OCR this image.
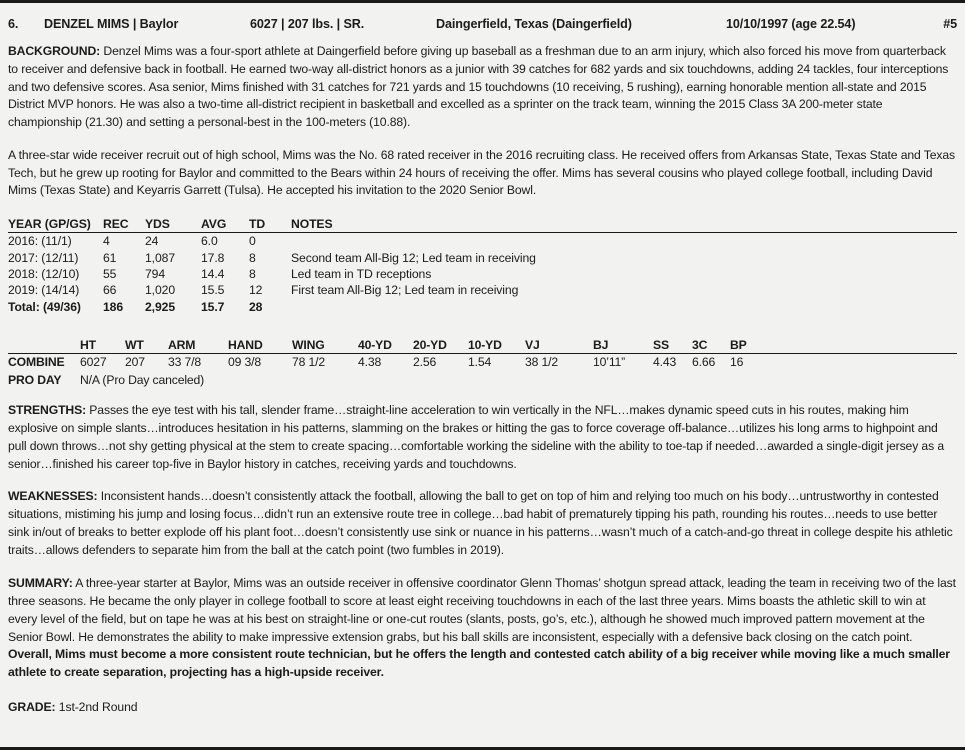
6.	DENZEL MIMS | Baylor	6027 | 207 lbs. | SR.	Daingerfield, Texas (Daingerfield)	10/10/1997 (age 22.54)	#5

BACKGROUND: Denzel Mims was a four-sport athlete at Daingerfield before giving up baseball as a freshman due to an arm injury, which also forced his move from quarterback to receiver and defensive back in football. He earned two-way all-district honors as a junior with 39 catches for 682 yards and six touchdowns, adding 24 tackles, four interceptions and two defensive scores. Asa senior, Mims finished with 31 catches for 721 yards and 15 touchdowns (10 receiving, 5 rushing), earning honorable mention all-state and 2015 District MVP honors. He was also a two-time all-district recipient in basketball and excelled as a sprinter on the track team, winning the 2015 Class 3A 200-meter state championship (21.30) and setting a personal-best in the 100-meters (10.88).

A three-star wide receiver recruit out of high school, Mims was the No. 68 rated receiver in the 2016 recruiting class. He received offers from Arkansas State, Texas State and Texas Tech, but he grew up rooting for Baylor and committed to the Bears within 24 hours of receiving the offer. Mims has several cousins who played college football, including David Mims (Texas State) and Keyarris Garrett (Tulsa). He accepted his invitation to the 2020 Senior Bowl.

YEAR (GP/GS)	REC	YDS	AVG	TD	NOTES
2016: (11/1)	4	24	6.0	0	
2017: (12/11)	61	1,087	17.8	8	Second team All-Big 12; Led team in receiving
2018: (12/10)	55	794	14.4	8	Led team in TD receptions
2019: (14/14)	66	1,020	15.5	12	First team All-Big 12; Led team in receiving
Total: (49/36)	186	2,925	15.7	28	
	HT	WT	ARM	HAND	WING	40-YD	20-YD	10-YD	VJ	BJ	SS	3C	BP
COMBINE	6027	207	33 7/8	09 3/8	78 1/2	4.38	2.56	1.54	38 1/2	10’11”	4.43	6.66	16
PRO DAY	N/A (Pro Day canceled)												

STRENGTHS: Passes the eye test with his tall, slender frame…straight-line acceleration to win vertically in the NFL…makes dynamic speed cuts in his routes, making him explosive on simple slants…introduces hesitation in his patterns, slamming on the brakes or hitting the gas to force coverage off-balance…utilizes his long arms to highpoint and pull down throws…not shy getting physical at the stem to create spacing…comfortable working the sideline with the ability to toe-tap if needed…awarded a single-digit jersey as a senior…finished his career top-five in Baylor history in catches, receiving yards and touchdowns.

WEAKNESSES: Inconsistent hands…doesn’t consistently attack the football, allowing the ball to get on top of him and relying too much on his body…untrustworthy in contested situations, mistiming his jump and losing focus…didn’t run an extensive route tree in college…bad habit of prematurely tipping his path, rounding his routes…needs to use better sink in/out of breaks to better explode off his plant foot…doesn’t consistently use sink or nuance in his patterns…wasn’t much of a catch-and-go threat in college despite his athletic traits…allows defenders to separate him from the ball at the catch point (two fumbles in 2019).

SUMMARY: A three-year starter at Baylor, Mims was an outside receiver in offensive coordinator Glenn Thomas’ shotgun spread attack, leading the team in receiving two of the last three seasons. He became the only player in college football to score at least eight receiving touchdowns in each of the last three years. Mims boasts the athletic skill to win at every level of the field, but on tape he was at his best on straight-line or one-cut routes (slants, posts, go’s, etc.), although he showed much improved pattern movement at the Senior Bowl. He demonstrates the ability to make impressive extension grabs, but his ball skills are inconsistent, especially with a defensive back closing on the catch point. Overall, Mims must become a more consistent route technician, but he offers the length and contested catch ability of a big receiver while moving like a much smaller athlete to create separation, projecting has a high-upside receiver.

GRADE: 1st-2nd Round
